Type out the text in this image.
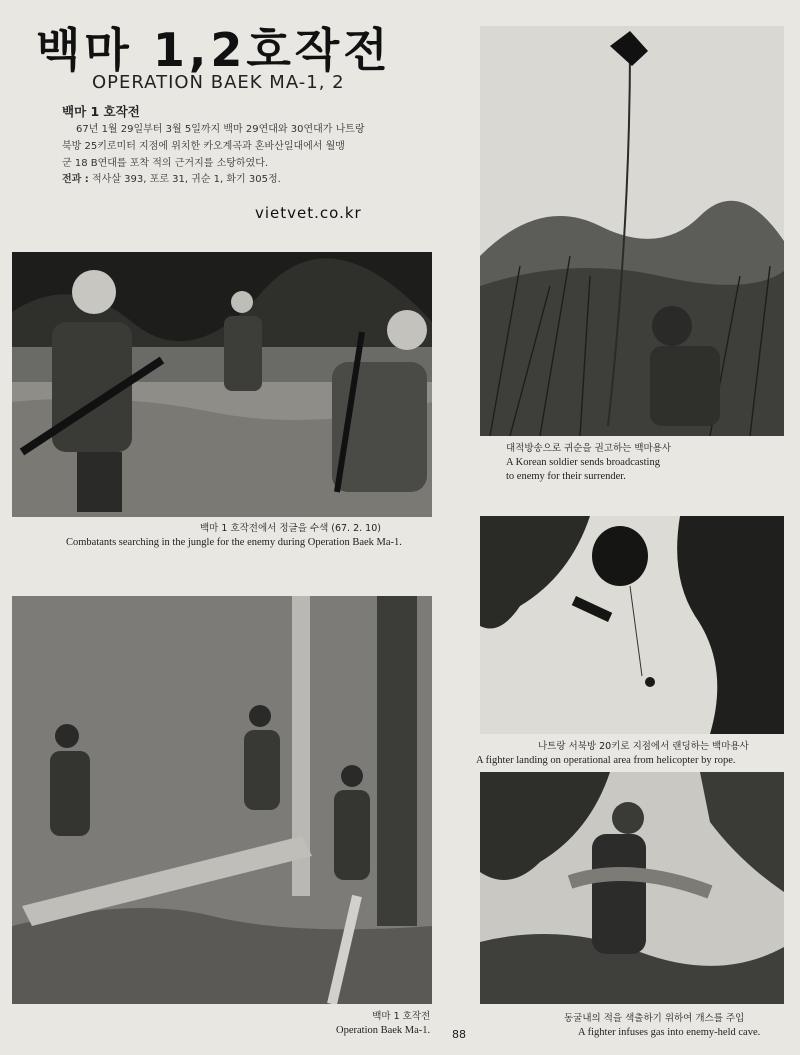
백마 1,2호작전
OPERATION BAEK MA-1, 2
백마 1 호작전

67년 1월 29일부터 3월 5일까지 백마 29연대와 30연대가 나트랑

북방 25키로미터 지점에 위치한 카오계곡과 혼바산일대에서 월맹

군 18 B연대를 포착 적의 근거지를 소탕하였다.

전과 : 적사살 393, 포로 31, 귀순 1, 화기 305정.
vietvet.co.kr
백마 1 호작전에서 정글을 수색 (67. 2. 10)
Combatants searching in the jungle for the enemy during Operation Baek Ma-1.
대적방송으로 귀순을 권고하는 백마용사
A Korean soldier sends broadcasting
to enemy for their surrender.
나트랑 서북방 20키로 지점에서 랜딩하는 백마용사
A fighter landing on operational area from helicopter by rope.
백마 1 호작전
Operation Baek Ma-1.
동굴내의 적을 색출하기 위하여 개스를 주입
A fighter infuses gas into enemy-held cave.
88
